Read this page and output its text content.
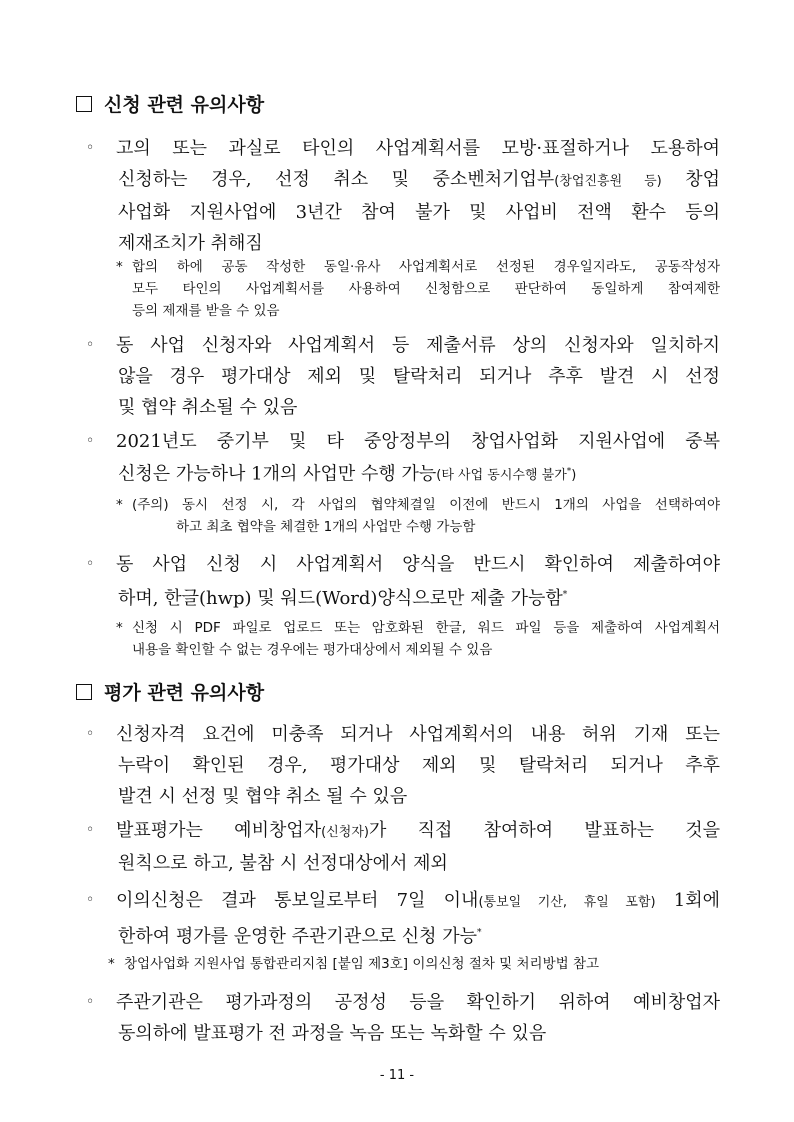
신청 관련 유의사항
◦	고의 또는 과실로 타인의 사업계획서를 모방·표절하거나 도용하여
신청하는 경우, 선정 취소 및 중소벤처기업부(창업진흥원 등) 창업
사업화 지원사업에 3년간 참여 불가 및 사업비 전액 환수 등의
제재조치가 취해짐
* 합의 하에 공동 작성한 동일·유사 사업계획서로 선정된 경우일지라도, 공동작성자
모두 타인의 사업계획서를 사용하여 신청함으로 판단하여 동일하게 참여제한
등의 제재를 받을 수 있음
◦	동 사업 신청자와 사업계획서 등 제출서류 상의 신청자와 일치하지
않을 경우 평가대상 제외 및 탈락처리 되거나 추후 발견 시 선정
및 협약 취소될 수 있음
◦	2021년도 중기부 및 타 중앙정부의 창업사업화 지원사업에 중복
신청은 가능하나 1개의 사업만 수행 가능(타 사업 동시수행 불가*)
* (주의) 동시 선정 시, 각 사업의 협약체결일 이전에 반드시 1개의 사업을 선택하여야
하고 최초 협약을 체결한 1개의 사업만 수행 가능함
◦	동 사업 신청 시 사업계획서 양식을 반드시 확인하여 제출하여야
하며, 한글(hwp) 및 워드(Word)양식으로만 제출 가능함*
* 신청 시 PDF 파일로 업로드 또는 암호화된 한글, 워드 파일 등을 제출하여 사업계획서
내용을 확인할 수 없는 경우에는 평가대상에서 제외될 수 있음
평가 관련 유의사항
◦	신청자격 요건에 미충족 되거나 사업계획서의 내용 허위 기재 또는
누락이 확인된 경우, 평가대상 제외 및 탈락처리 되거나 추후
발견 시 선정 및 협약 취소 될 수 있음
◦	발표평가는 예비창업자(신청자)가 직접 참여하여 발표하는 것을
원칙으로 하고, 불참 시 선정대상에서 제외
◦	이의신청은 결과 통보일로부터 7일 이내(통보일 기산, 휴일 포함) 1회에
한하여 평가를 운영한 주관기관으로 신청 가능*
* 창업사업화 지원사업 통합관리지침 [붙임 제3호] 이의신청 절차 및 처리방법 참고
◦	주관기관은 평가과정의 공정성 등을 확인하기 위하여 예비창업자
동의하에 발표평가 전 과정을 녹음 또는 녹화할 수 있음
- 11 -
